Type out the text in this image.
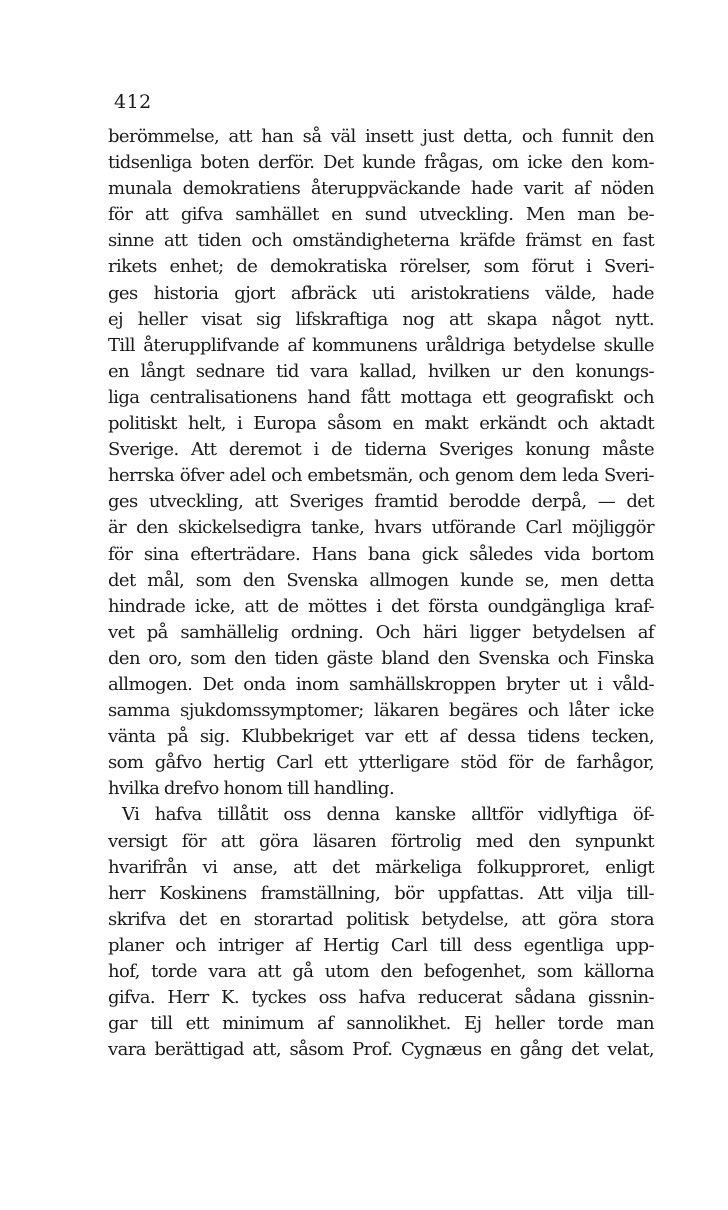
412
berömmelse, att han så väl insett just detta, och funnit den
tidsenliga boten derför. Det kunde frågas, om icke den kom-
munala demokratiens återuppväckande hade varit af nöden
för att gifva samhället en sund utveckling. Men man be-
sinne att tiden och omständigheterna kräfde främst en fast
rikets enhet; de demokratiska rörelser, som förut i Sveri-
ges historia gjort afbräck uti aristokratiens välde, hade
ej heller visat sig lifskraftiga nog att skapa något nytt.
Till återupplifvande af kommunens uråldriga betydelse skulle
en långt sednare tid vara kallad, hvilken ur den konungs-
liga centralisationens hand fått mottaga ett geografiskt och
politiskt helt, i Europa såsom en makt erkändt och aktadt
Sverige. Att deremot i de tiderna Sveriges konung måste
herrska öfver adel och embetsmän, och genom dem leda Sveri-
ges utveckling, att Sveriges framtid berodde derpå, — det
är den skickelsedigra tanke, hvars utförande Carl möjliggör
för sina efterträdare. Hans bana gick således vida bortom
det mål, som den Svenska allmogen kunde se, men detta
hindrade icke, att de möttes i det första oundgängliga kraf-
vet på samhällelig ordning. Och häri ligger betydelsen af
den oro, som den tiden gäste bland den Svenska och Finska
allmogen. Det onda inom samhällskroppen bryter ut i våld-
samma sjukdomssymptomer; läkaren begäres och låter icke
vänta på sig. Klubbekriget var ett af dessa tidens tecken,
som gåfvo hertig Carl ett ytterligare stöd för de farhågor,
hvilka drefvo honom till handling.
Vi hafva tillåtit oss denna kanske alltför vidlyftiga öf-
versigt för att göra läsaren förtrolig med den synpunkt
hvarifrån vi anse, att det märkeliga folkupproret, enligt
herr Koskinens framställning, bör uppfattas. Att vilja till-
skrifva det en storartad politisk betydelse, att göra stora
planer och intriger af Hertig Carl till dess egentliga upp-
hof, torde vara att gå utom den befogenhet, som källorna
gifva. Herr K. tyckes oss hafva reducerat sådana gissnin-
gar till ett minimum af sannolikhet. Ej heller torde man
vara berättigad att, såsom Prof. Cygnæus en gång det velat,
